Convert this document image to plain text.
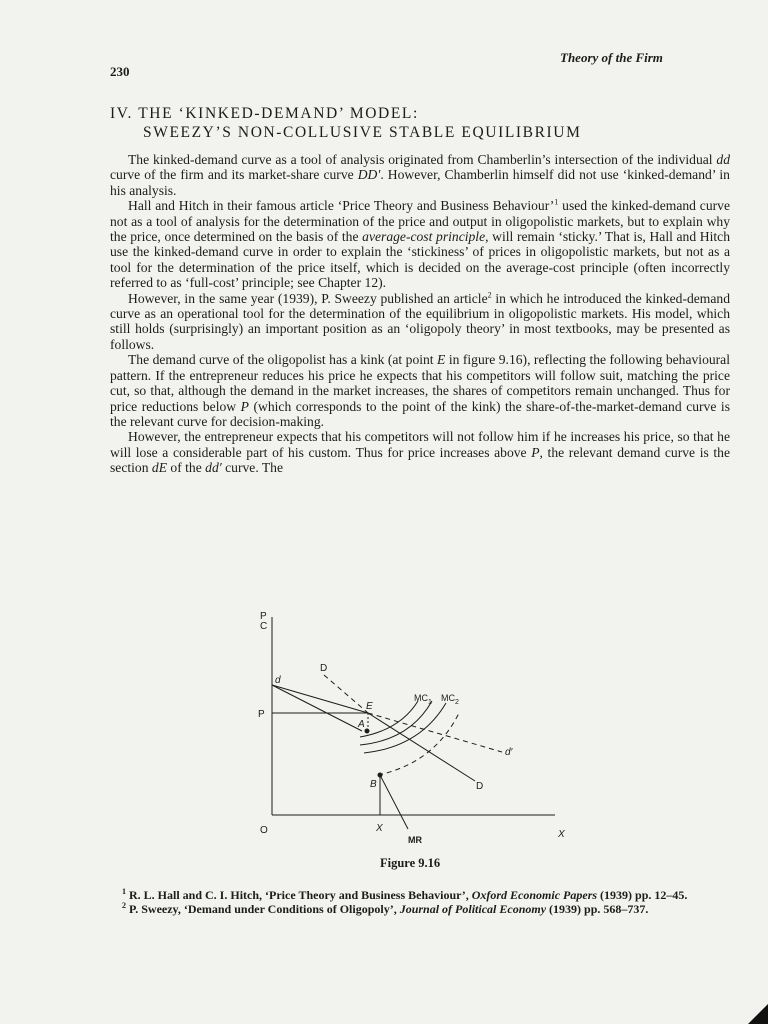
230
Theory of the Firm
IV. THE ‘KINKED-DEMAND’ MODEL:
SWEEZY’S NON-COLLUSIVE STABLE EQUILIBRIUM

The kinked-demand curve as a tool of analysis originated from Chamberlin’s intersection of the individual dd curve of the firm and its market-share curve DD′. However, Chamberlin himself did not use ‘kinked-demand’ in his analysis.

Hall and Hitch in their famous article ‘Price Theory and Business Behaviour’$^1$ used the kinked-demand curve not as a tool of analysis for the determination of the price and output in oligopolistic markets, but to explain why the price, once determined on the basis of the average-cost principle, will remain ‘sticky.’ That is, Hall and Hitch use the kinked-demand curve in order to explain the ‘stickiness’ of prices in oligopolistic markets, but not as a tool for the determination of the price itself, which is decided on the average-cost principle (often incorrectly referred to as ‘full-cost’ principle; see Chapter 12).

However, in the same year (1939), P. Sweezy published an article$^2$ in which he introduced the kinked-demand curve as an operational tool for the determination of the equilibrium in oligopolistic markets. His model, which still holds (surprisingly) an important position as an ‘oligopoly theory’ in most textbooks, may be presented as follows.

The demand curve of the oligopolist has a kink (at point E in figure 9.16), reflecting the following behavioural pattern. If the entrepreneur reduces his price he expects that his competitors will follow suit, matching the price cut, so that, although the demand in the market increases, the shares of competitors remain unchanged. Thus for price reductions below P (which corresponds to the point of the kink) the share-of-the-market-demand curve is the relevant curve for decision-making.

However, the entrepreneur expects that his competitors will not follow him if he increases his price, so that he will lose a considerable part of his custom. Thus for price increases above P, the relevant demand curve is the section dE of the dd′ curve. The

P
C
d
P
D
E
A
$MC_1$ $MC_2$
d′
D
B
O	X
MR	X
Figure 9.16

$^1$ R. L. Hall and C. I. Hitch, ‘Price Theory and Business Behaviour’, Oxford Economic Papers (1939) pp. 12–45.

$^2$ P. Sweezy, ‘Demand under Conditions of Oligopoly’, Journal of Political Economy (1939) pp. 568–737.
